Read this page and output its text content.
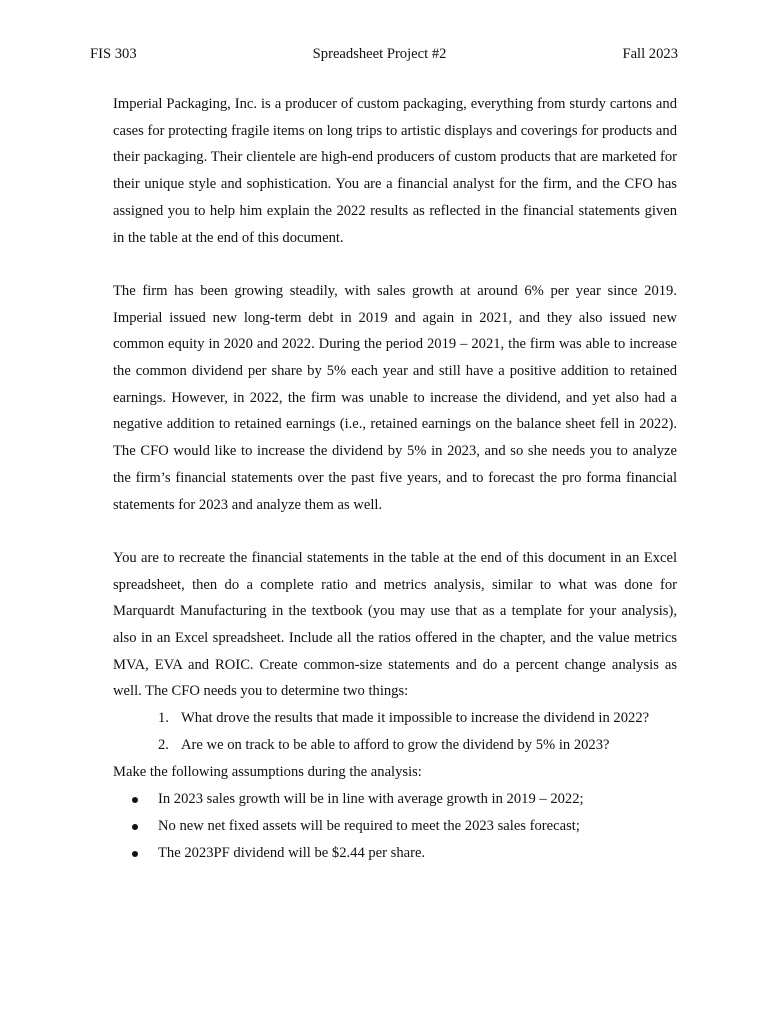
FIS 303	Spreadsheet Project #2	Fall 2023

Imperial Packaging, Inc. is a producer of custom packaging, everything from sturdy cartons and cases for protecting fragile items on long trips to artistic displays and coverings for products and their packaging. Their clientele are high-end producers of custom products that are marketed for their unique style and sophistication. You are a financial analyst for the firm, and the CFO has assigned you to help him explain the 2022 results as reflected in the financial statements given in the table at the end of this document.

The firm has been growing steadily, with sales growth at around 6% per year since 2019. Imperial issued new long-term debt in 2019 and again in 2021, and they also issued new common equity in 2020 and 2022. During the period 2019 – 2021, the firm was able to increase the common dividend per share by 5% each year and still have a positive addition to retained earnings. However, in 2022, the firm was unable to increase the dividend, and yet also had a negative addition to retained earnings (i.e., retained earnings on the balance sheet fell in 2022). The CFO would like to increase the dividend by 5% in 2023, and so she needs you to analyze the firm’s financial statements over the past five years, and to forecast the pro forma financial statements for 2023 and analyze them as well.

You are to recreate the financial statements in the table at the end of this document in an Excel spreadsheet, then do a complete ratio and metrics analysis, similar to what was done for Marquardt Manufacturing in the textbook (you may use that as a template for your analysis), also in an Excel spreadsheet. Include all the ratios offered in the chapter, and the value metrics MVA, EVA and ROIC. Create common-size statements and do a percent change analysis as well. The CFO needs you to determine two things:

1. What drove the results that made it impossible to increase the dividend in 2022?
2. Are we on track to be able to afford to grow the dividend by 5% in 2023?

Make the following assumptions during the analysis:

In 2023 sales growth will be in line with average growth in 2019 – 2022;
No new net fixed assets will be required to meet the 2023 sales forecast;
The 2023PF dividend will be $2.44 per share.
